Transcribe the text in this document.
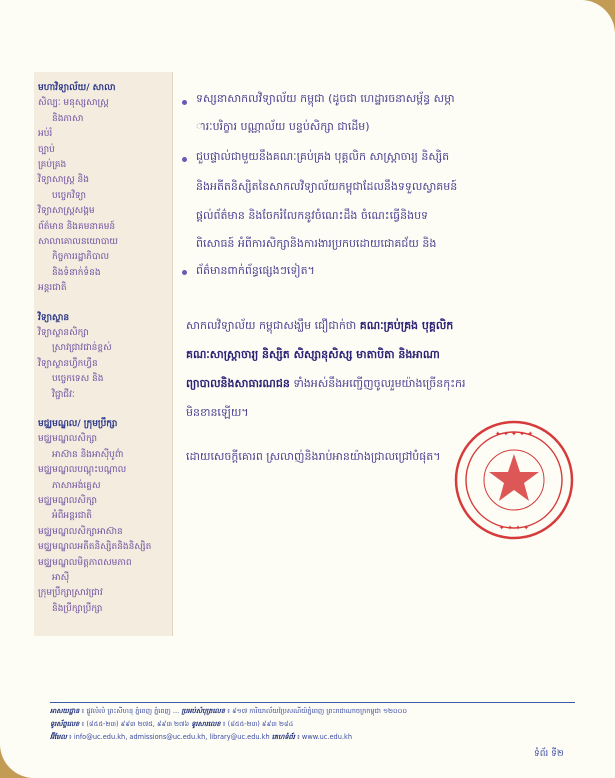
មហាវិទ្យាល័យ/ សាលា
សិល្បៈ មនុស្សសាស្ត្រ
និងភាសា
អប់រំ
ច្បាប់
គ្រប់គ្រង
វិទ្យាសាស្ត្រ និង
បច្ចេកវិទ្យា
វិទ្យាសាស្ត្រសង្គម
ព័ត៌មាន និងគមនាគមន៍
សាលាគោលនយោបាយ
កិច្ចការរដ្ឋាភិបាល
និងទំនាក់ទំនង
អន្តរជាតិ
វិទ្យាស្ថាន
វិទ្យាស្ថានសិក្សា
ស្រាវជ្រាវជាន់ខ្ពស់
វិទ្យាស្ថានហ្វឹកហ្វឺន
បច្ចេកទេស និង
វិជ្ជាជីវៈ
មជ្ឈមណ្ឌល/ ក្រុមប្រឹក្សា
មជ្ឈមណ្ឌលសិក្សា
អាស៊ាន និងអាស៊ីបូព៌ា
មជ្ឈមណ្ឌលបណ្តុះបណ្តាល
ភាសាអង់គ្លេស
មជ្ឈមណ្ឌលសិក្សា
អំពីអន្តរជាតិ
មជ្ឈមណ្ឌលសិក្សាអាស៊ាន
មជ្ឈមណ្ឌលអតីតនិស្សិតនិងនិស្សិត
មជ្ឈមណ្ឌលមិត្តភាពសមភាព
អាស៊ី
ក្រុមប្រឹក្សាស្រាវជ្រាវ
និងប្រឹក្សាប្រឹក្សា
ទស្សនាសាកលវិទ្យាល័យ កម្ពុជា (ដូចជា ហេដ្ឋារចនាសម្ព័ន្ធ សម្ភា
ារៈបរិក្ខារ បណ្ណាល័យ បន្ទប់សិក្សា ជាដើម)
ជួបផ្ទាល់ជាមួយនឹងគណៈគ្រប់គ្រង បុគ្គលិក សាស្ត្រាចារ្យ និស្សិត
និងអតីតនិស្សិតនៃសាកលវិទ្យាល័យកម្ពុជាដែលនឹងទទួលស្វាគមន៍
ផ្តល់ព័ត៌មាន និងចែករំលែកនូវចំណេះដឹង ចំណេះធ្វើនិងបទ
ពិសោធន៍ អំពីការសិក្សានិងការងារប្រកបដោយជោគជ័យ និង
ព័ត៌មានពាក់ព័ន្ធផ្សេងៗទៀត។
សាកលវិទ្យាល័យ កម្ពុជាសង្ឃឹម ជឿជាក់ថា គណៈគ្រប់គ្រង បុគ្គលិក
គណៈសាស្ត្រាចារ្យ និស្សិត សិស្សានុសិស្ស មាតាបិតា និងអាណា
ព្យាបាលនិងសាធារណជន ទាំងអស់នឹងអញ្ជើញចូលរួមយ៉ាងច្រើនកុះករ
មិនខានឡើយ។
ដោយសេចក្តីគោរព ស្រលាញ់និងរាប់អានយ៉ាងជ្រាលជ្រៅបំផុត។
✦ ✦ ✦ ✦ ✦
✦ ✦ ✦ ✦
អាសយដ្ឋាន ៖ ផ្លូវលំលំ ព្រះសីហនុ ភ្នំពេញ ភ្នំពេញ ... ប្រអប់សំបុត្រលេខ ៖ ៩១៧ ការិយាល័យប្រៃសណីយ៍ភ្នំពេញ ព្រះរាជាណាចក្រកម្ពុជា ១២០០០
ទូរស័ព្ទលេខ ៖ (៨៥៥-២៣) ៩៩៣ ២៧៥, ៩៩៣ ២៧៦ ទូរសារលេខ ៖ (៨៥៥-២៣) ៩៩៣ ២៨៤
អ៊ីមែល ៖ info@uc.edu.kh, admissions@uc.edu.kh, library@uc.edu.kh គេហទំព័រ ៖ www.uc.edu.kh
ទំព័រ ទី២
